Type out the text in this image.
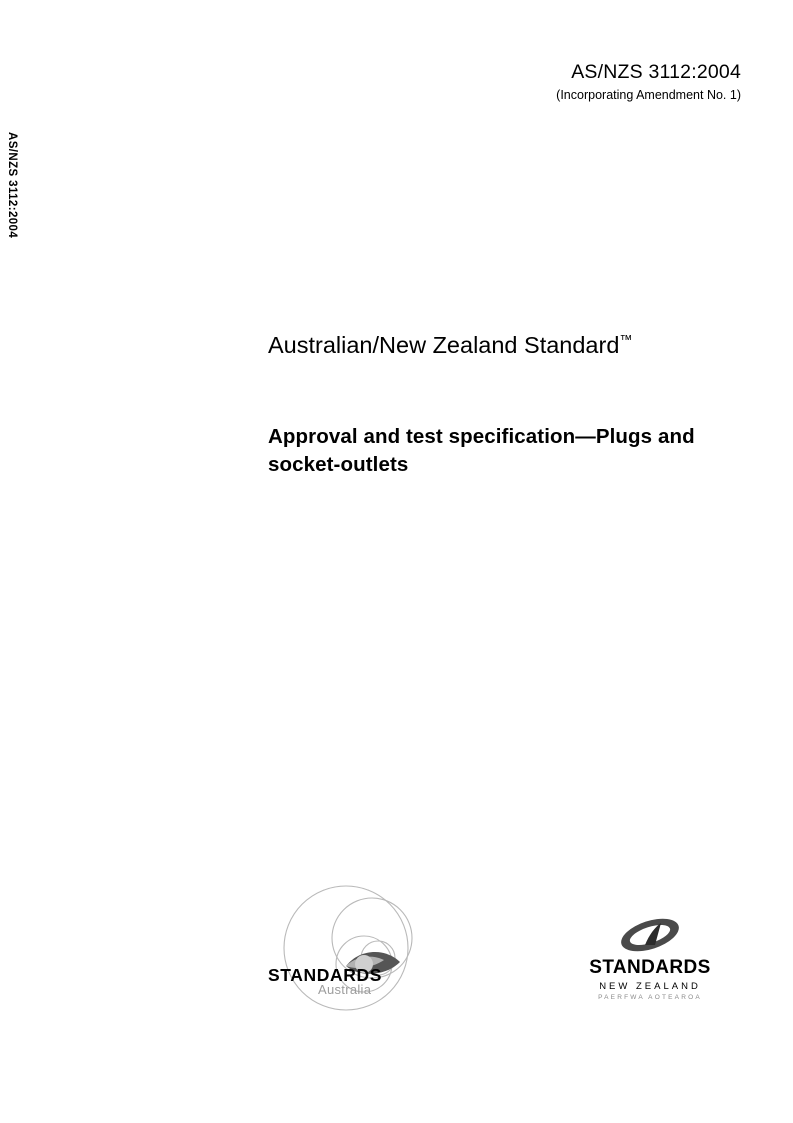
AS/NZS 3112:2004
AS/NZS 3112:2004
(Incorporating Amendment No. 1)
Australian/New Zealand Standard™
Approval and test specification—Plugs and socket-outlets
STANDARDS
Australia
STANDARDS
NEW ZEALAND
PAERFWA AOTEAROA
